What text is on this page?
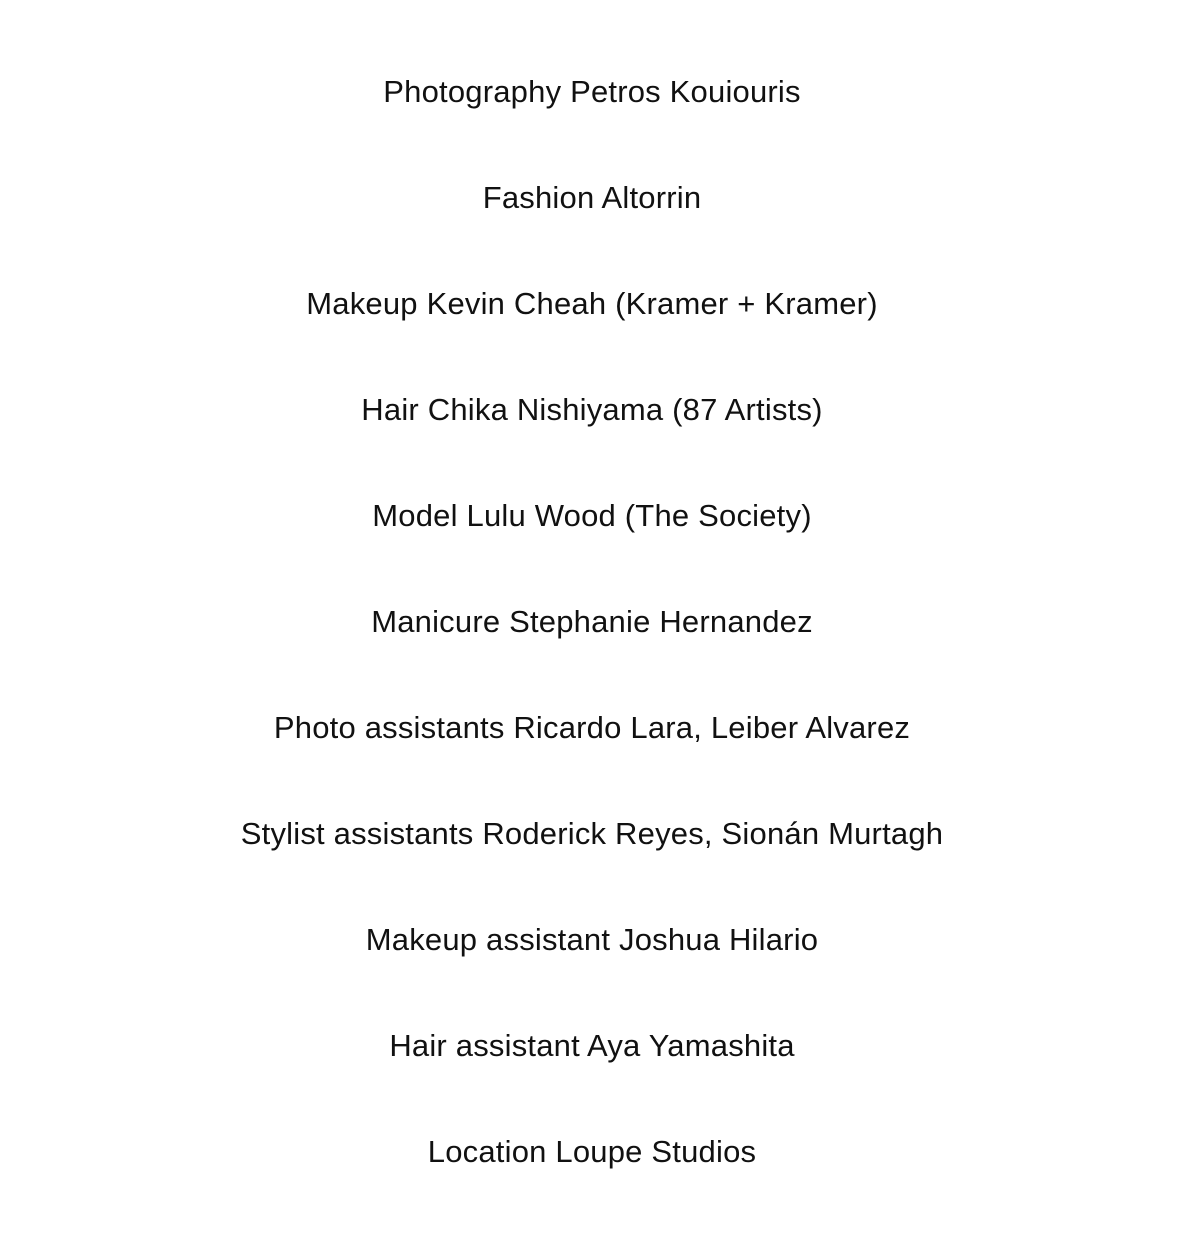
Photography Petros Kouiouris
Fashion Altorrin
Makeup Kevin Cheah (Kramer + Kramer)
Hair Chika Nishiyama (87 Artists)
Model Lulu Wood (The Society)
Manicure Stephanie Hernandez
Photo assistants Ricardo Lara, Leiber Alvarez
Stylist assistants Roderick Reyes, Sionán Murtagh
Makeup assistant Joshua Hilario
Hair assistant Aya Yamashita
Location Loupe Studios
